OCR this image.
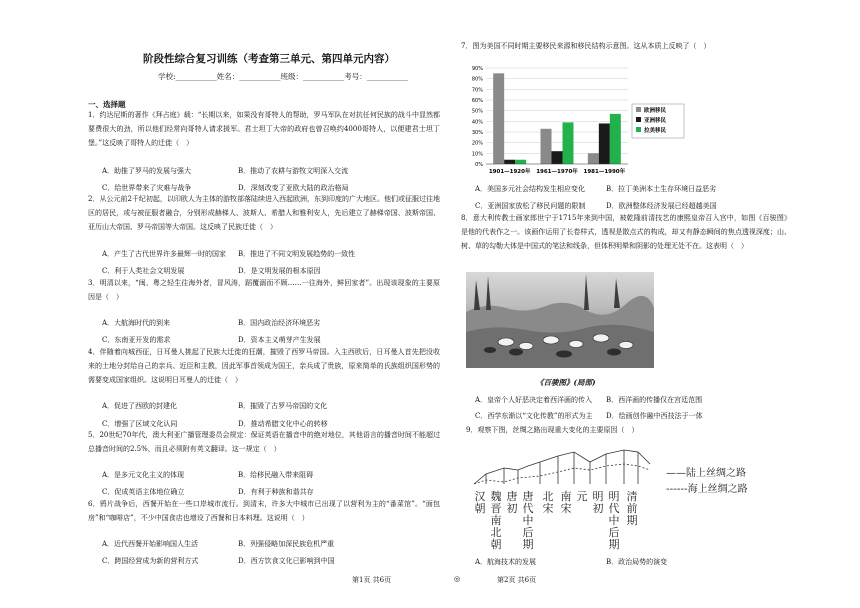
阶段性综合复习训练（考查第三单元、第四单元内容）
学校:___________姓名：___________班级：___________考号：___________
一、选择题
1．约达尼斯的著作《拜占庭》载：“长期以来，如果没有哥特人的帮助，罗马军队在对抗任何民族的战斗中显然都要费很大的劲，所以他们经常向哥特人请求援军。君士坦丁大帝的政府也曾召唤约4000哥特人，以便建君士坦丁堡。”这反映了哥特人的迁徙（　）
A．助推了罗马的发展与强大	B．推动了农耕与游牧文明深入交流
C．给世界带来了灾难与战争	D．深刻改变了亚欧大陆的政治格局
2．从公元前2千纪初起，以印欧人为主体的游牧部落陆续进入西起欧洲，东到印度的广大地区。他们或征服过往地区的居民，或与被征服者融合，分别形成赫梯人、波斯人、希腊人和雅利安人，先后建立了赫梯帝国、波斯帝国、亚历山大帝国、罗马帝国等大帝国。这反映了民族迁徙（　）
A．产生了古代世界许多最辉一时的国家 B．推进了不同文明发展趋势的一致性
C．利于人类社会文明发展	D．是文明发展的根本原因
3．明清以来，“闽、粤之轻生往海外者，冒风涛，蹈覆溺而不顾……一往海外，鲜回家者”。出现该现象的主要原因是（　）
A．大航海时代的到来	B．国内政治经济环境恶劣
C．东南亚开发的需求	D．资本主义萌芽产生发展
4．伴随着向城西征，日耳曼人挑起了民族大迁徙的狂潮，摧毁了西罗马帝国。入主西欧后，日耳曼人首先把没收来的土地分封给自己的亲兵、近臣和主教，因此军事首领成为国王，亲兵成了贵族，原来简单的氏族组织国形势的需要变成国家组织。这说明日耳曼人的迁徙（　）
A．促进了西欧的封建化	B．摧毁了古罗马帝国的文化
C．增强了区域文化认同	D．推动希腊文化中心的转移
5．20世纪70年代，澳大利亚广播管理委员会规定：保证英语在播音中的绝对地位，其他语言的播音时间不能超过总播音时间的2.5%，而且必须附有英文翻译。这一规定（　）
A．是多元文化主义的体现	B．给移民融入带来阻碍
C．促成英语主体地位确立	D．有利于种族和谐共存
6．鸦片战争后，西餐开始在一些口岸城市流行。到清末，许多大中城市已出现了以营利为主的“番菜馆”。“面包房”和“咖啡店”，不少中国食店也增设了西餐和日本料理。这说明（　）
A．近代西餐开始影响国人生活	B．列强侵略加深民族危机严重
C．跨国经营成为新的营利方式	D．西方饮食文化已影响到中国
7．图为美国不同时期主要移民来源和移民结构示意图。这从本质上反映了（　）
0%
10%
20%
30%
40%
50%
60%
70%
80%
90%
1901—1920年 1961—1970年 1981—1990年
欧洲移民
亚洲移民
拉美移民
A．美国多元社会结构发生相应变化	B．拉丁美洲本土生存环境日益恶劣
C．亚洲国家放松了移民问题的限制	D．欧洲整体经济发展已经超越美国
8．意大利传教士画家郎世宁于1715年来到中国，被乾隆前清技艺的康熙皇帝召入宫中，如图《百骏图》是他的代表作之一。该画作运用了长卷样式，透视是散点式的构成，却又有静态瞬间的焦点透视深度；山、树、草的勾勒大体是中国式的笔法和线条，但体积明晕和阴影的处理无处不在。这表明（　）
《百骏图》(局部)
A．皇帝个人好恶决定着西洋画的传入 B．西洋画的传播仅在宫廷范围
C．西学东渐以“文化传教”的形式为主 D．绘画创作融中西技法于一体
9．观察下图，丝绸之路出现重大变化的主要原因（　）
——陆上丝绸之路
------海上丝绸之路
汉
朝
魏
晋
南
北
朝
唐
初
唐
代
中
后
期
北
宋
南
宋
元 明
初
明
代
中
后
期
清
前
期
A．航海技术的发展	B．政治局势的演变
第1页 共6页	◎	第2页 共6页
